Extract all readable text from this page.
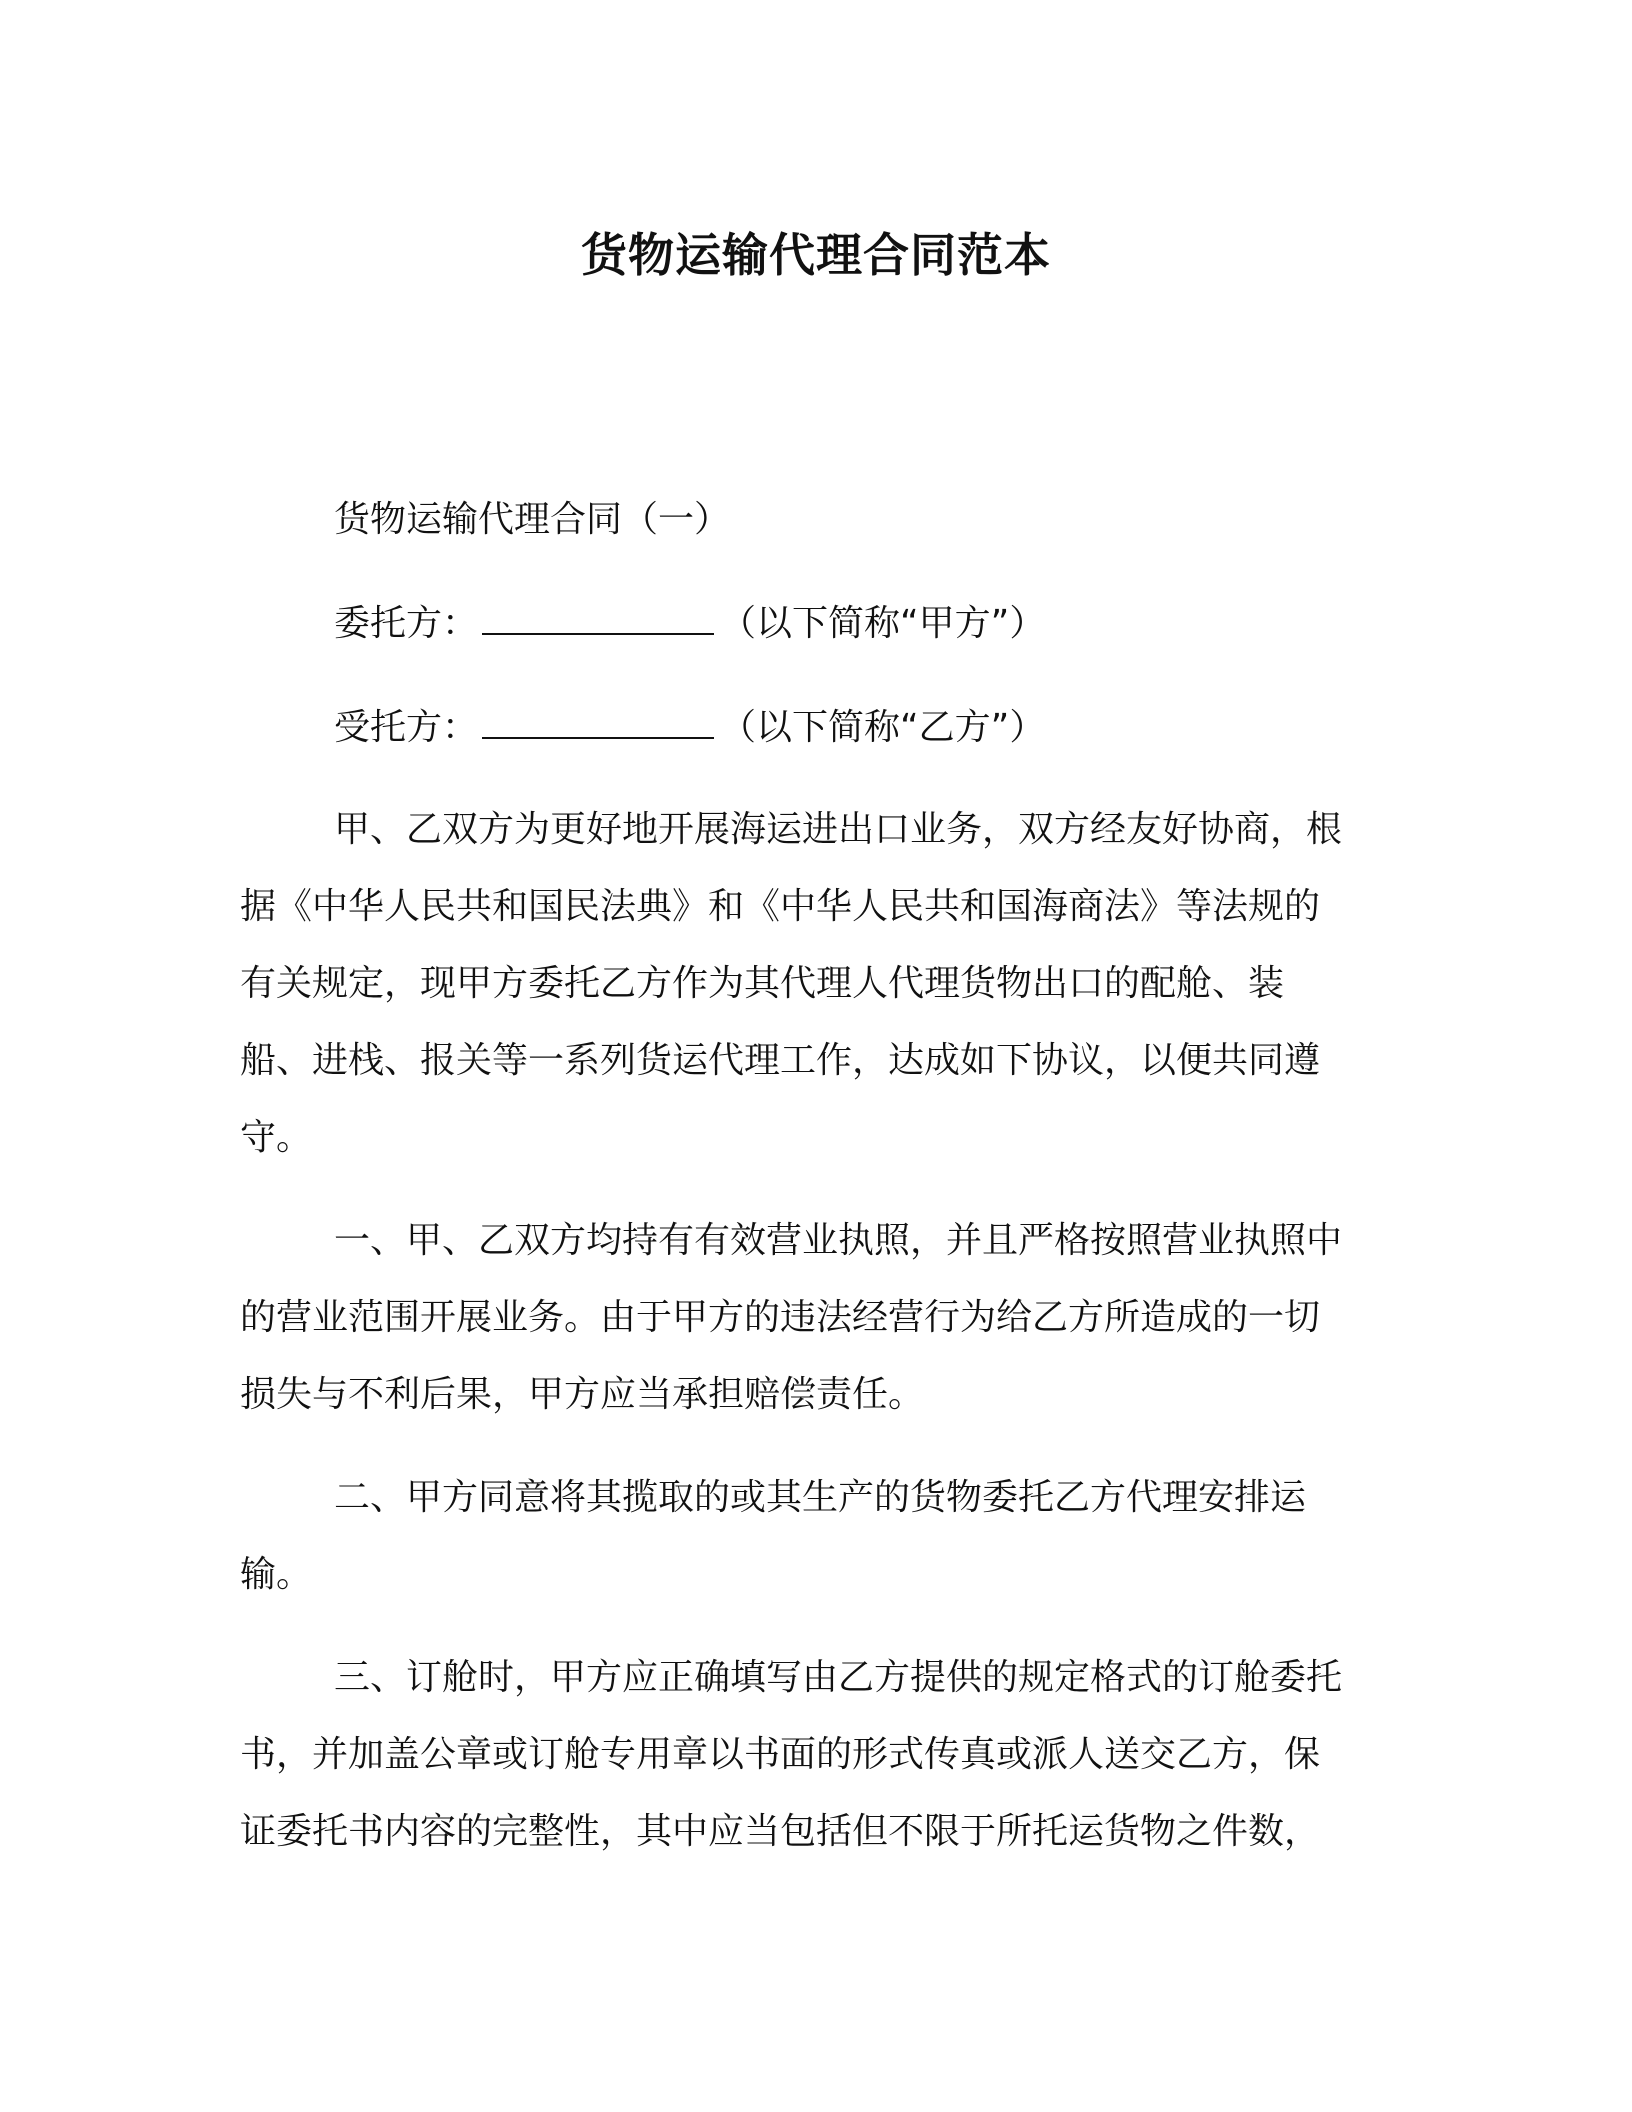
货物运输代理合同范本

货物运输代理合同（一）

委托方：	（以下简称“甲方”）

受托方：	（以下简称“乙方”）

甲、乙双方为更好地开展海运进出口业务，双方经友好协商，根

据《中华人民共和国民法典》和《中华人民共和国海商法》等法规的

有关规定，现甲方委托乙方作为其代理人代理货物出口的配舱、装

船、进栈、报关等一系列货运代理工作，达成如下协议，以便共同遵

守。

一、甲、乙双方均持有有效营业执照，并且严格按照营业执照中

的营业范围开展业务。由于甲方的违法经营行为给乙方所造成的一切

损失与不利后果，甲方应当承担赔偿责任。

二、甲方同意将其揽取的或其生产的货物委托乙方代理安排运

输。

三、订舱时，甲方应正确填写由乙方提供的规定格式的订舱委托

书，并加盖公章或订舱专用章以书面的形式传真或派人送交乙方，保

证委托书内容的完整性，其中应当包括但不限于所托运货物之件数，
